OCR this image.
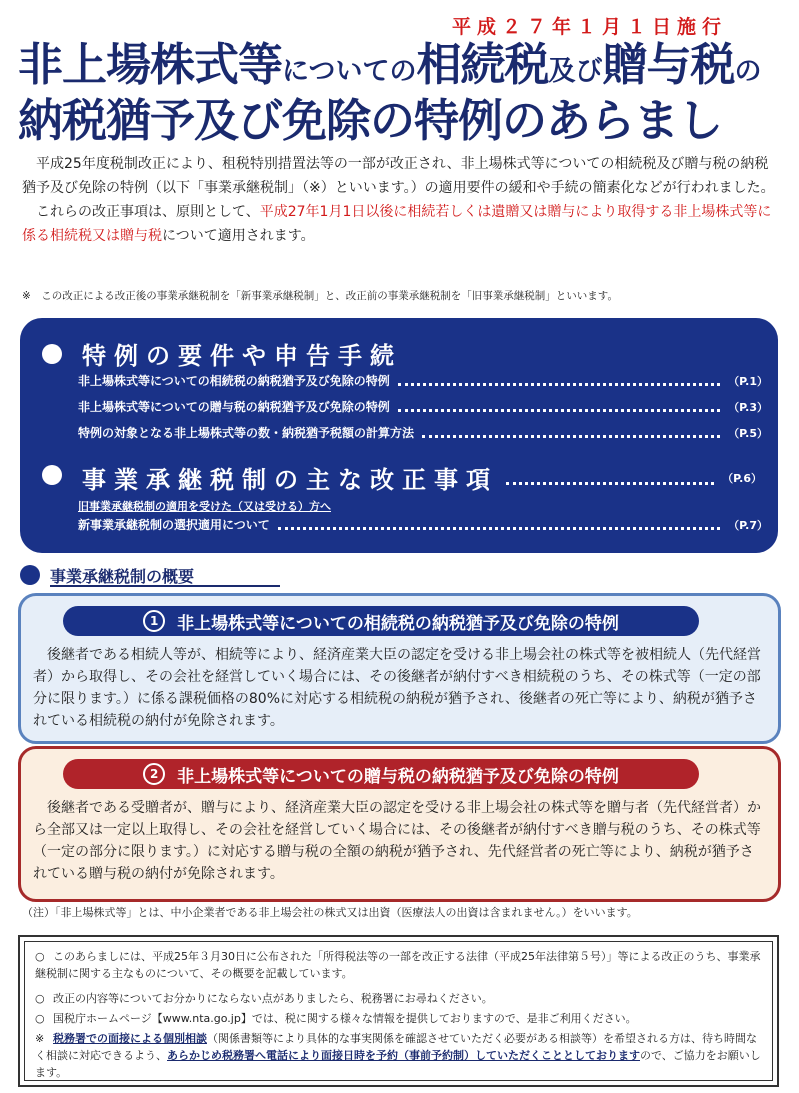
平成２７年１月１日施行
非上場株式等についての相続税及び贈与税の
納税猶予及び免除の特例のあらまし

平成25年度税制改正により、租税特別措置法等の一部が改正され、非上場株式等についての相続税及び贈与税の納税猶予及び免除の特例（以下「事業承継税制」（※）といいます。）の適用要件の緩和や手続の簡素化などが行われました。

これらの改正事項は、原則として、平成27年1月1日以後に相続若しくは遺贈又は贈与により取得する非上場株式等に係る相続税又は贈与税について適用されます。

※　この改正による改正後の事業承継税制を「新事業承継税制」と、改正前の事業承継税制を「旧事業承継税制」といいます。
特例の要件や申告手続
非上場株式等についての相続税の納税猶予及び免除の特例	（P.1）
非上場株式等についての贈与税の納税猶予及び免除の特例	（P.3）
特例の対象となる非上場株式等の数・納税猶予税額の計算方法	（P.5）
事業承継税制の主な改正事項	（P.6）
旧事業承継税制の適用を受けた（又は受ける）方へ
新事業承継税制の選択適用について	（P.7）
事業承継税制の概要
1	非上場株式等についての相続税の納税猶予及び免除の特例
後継者である相続人等が、相続等により、経済産業大臣の認定を受ける非上場会社の株式等を被相続人（先代経営者）から取得し、その会社を経営していく場合には、その後継者が納付すべき相続税のうち、その株式等（一定の部分に限ります。）に係る課税価格の80%に対応する相続税の納税が猶予され、後継者の死亡等により、納税が猶予されている相続税の納付が免除されます。
2	非上場株式等についての贈与税の納税猶予及び免除の特例
後継者である受贈者が、贈与により、経済産業大臣の認定を受ける非上場会社の株式等を贈与者（先代経営者）から全部又は一定以上取得し、その会社を経営していく場合には、その後継者が納付すべき贈与税のうち、その株式等（一定の部分に限ります。）に対応する贈与税の全額の納税が猶予され、先代経営者の死亡等により、納税が猶予されている贈与税の納付が免除されます。
（注）「非上場株式等」とは、中小企業者である非上場会社の株式又は出資（医療法人の出資は含まれません。）をいいます。
○ このあらましには、平成25年３月30日に公布された「所得税法等の一部を改正する法律（平成25年法律第５号）」等による改正のうち、事業承継税制に関する主なものについて、その概要を記載しています。
○ 改正の内容等についてお分かりにならない点がありましたら、税務署にお尋ねください。
○ 国税庁ホームページ【www.nta.go.jp】では、税に関する様々な情報を提供しておりますので、是非ご利用ください。
※ 税務署での面接による個別相談（関係書類等により具体的な事実関係を確認させていただく必要がある相談等）を希望される方は、待ち時間なく相談に対応できるよう、あらかじめ税務署へ電話により面接日時を予約（事前予約制）していただくこととしておりますので、ご協力をお願いします。
